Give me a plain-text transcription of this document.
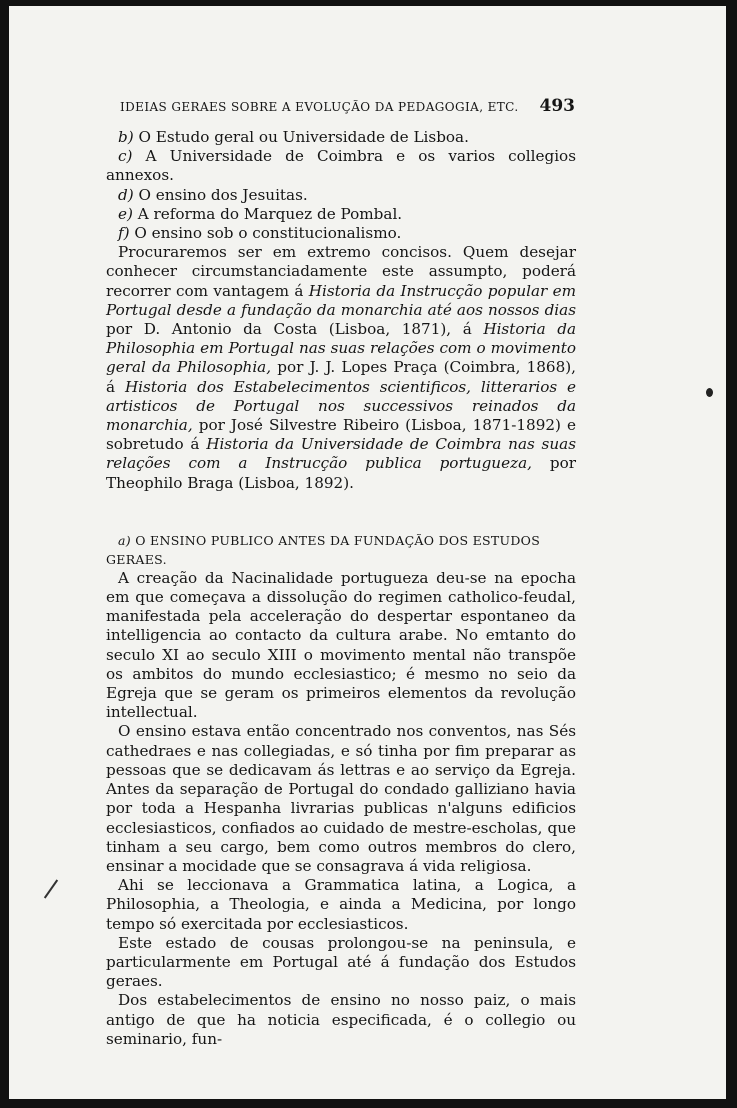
IDEIAS GERAES SOBRE A EVOLUÇÃO DA PEDAGOGIA, ETC. 493

b) O Estudo geral ou Universidade de Lisboa.

c) A Universidade de Coimbra e os varios collegios annexos.

d) O ensino dos Jesuitas.

e) A reforma do Marquez de Pombal.

f) O ensino sob o constitucionalismo.

Procuraremos ser em extremo concisos. Quem desejar conhecer circumstanciadamente este assumpto, poderá recorrer com vantagem á Historia da Instrucção popular em Portugal desde a fundação da monarchia até aos nossos dias por D. Antonio da Costa (Lisboa, 1871), á Historia da Philosophia em Portugal nas suas relações com o movimento geral da Philosophia, por J. J. Lopes Praça (Coimbra, 1868), á Historia dos Estabelecimentos scientificos, litterarios e artisticos de Portugal nos successivos reinados da monarchia, por José Silvestre Ribeiro (Lisboa, 1871-1892) e sobretudo á Historia da Universidade de Coimbra nas suas relações com a Instrucção publica portugueza, por Theophilo Braga (Lisboa, 1892).

a) O ENSINO PUBLICO ANTES DA FUNDAÇÃO DOS ESTUDOS GERAES.

A creação da Nacinalidade portugueza deu-se na epocha em que começava a dissolução do regimen catholico-feudal, manifestada pela acceleração do despertar espontaneo da intelligencia ao contacto da cultura arabe. No emtanto do seculo XI ao seculo XIII o movimento mental não transpõe os ambitos do mundo ecclesiastico; é mesmo no seio da Egreja que se geram os primeiros elementos da revolução intellectual.

O ensino estava então concentrado nos conventos, nas Sés cathedraes e nas collegiadas, e só tinha por fim preparar as pessoas que se dedicavam ás lettras e ao serviço da Egreja. Antes da separação de Portugal do condado galliziano havia por toda a Hespanha livrarias publicas n'alguns edificios ecclesiasticos, confiados ao cuidado de mestre-escholas, que tinham a seu cargo, bem como outros membros do clero, ensinar a mocidade que se consagrava á vida religiosa.

Ahi se leccionava a Grammatica latina, a Logica, a Philosophia, a Theologia, e ainda a Medicina, por longo tempo só exercitada por ecclesiasticos.

Este estado de cousas prolongou-se na peninsula, e particularmente em Portugal até á fundação dos Estudos geraes.

Dos estabelecimentos de ensino no nosso paiz, o mais antigo de que ha noticia especificada, é o collegio ou seminario, fun-
